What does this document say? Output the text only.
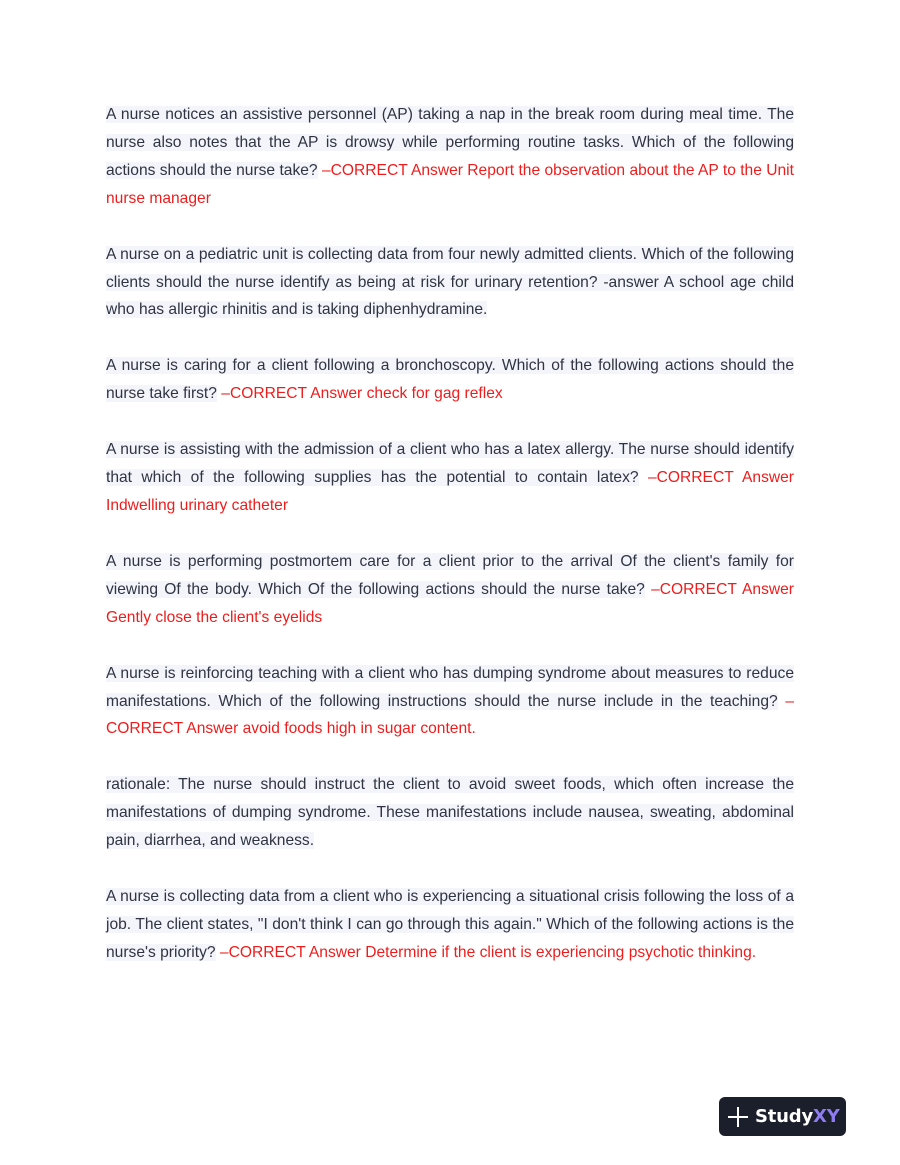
A nurse notices an assistive personnel (AP) taking a nap in the break room during meal time. The nurse also notes that the AP is drowsy while performing routine tasks. Which of the following actions should the nurse take? –CORRECT Answer Report the observation about the AP to the Unit nurse manager

A nurse on a pediatric unit is collecting data from four newly admitted clients. Which of the following clients should the nurse identify as being at risk for urinary retention? -answer A school age child who has allergic rhinitis and is taking diphenhydramine.

A nurse is caring for a client following a bronchoscopy. Which of the following actions should the nurse take first? –CORRECT Answer check for gag reflex

A nurse is assisting with the admission of a client who has a latex allergy. The nurse should identify that which of the following supplies has the potential to contain latex? –CORRECT Answer Indwelling urinary catheter

A nurse is performing postmortem care for a client prior to the arrival Of the client's family for viewing Of the body. Which Of the following actions should the nurse take? –CORRECT Answer Gently close the client's eyelids

A nurse is reinforcing teaching with a client who has dumping syndrome about measures to reduce manifestations. Which of the following instructions should the nurse include in the teaching? –CORRECT Answer avoid foods high in sugar content.

rationale: The nurse should instruct the client to avoid sweet foods, which often increase the manifestations of dumping syndrome. These manifestations include nausea, sweating, abdominal pain, diarrhea, and weakness.

A nurse is collecting data from a client who is experiencing a situational crisis following the loss of a job. The client states, "I don't think I can go through this again." Which of the following actions is the nurse's priority? –CORRECT Answer Determine if the client is experiencing psychotic thinking.

StudyXY
